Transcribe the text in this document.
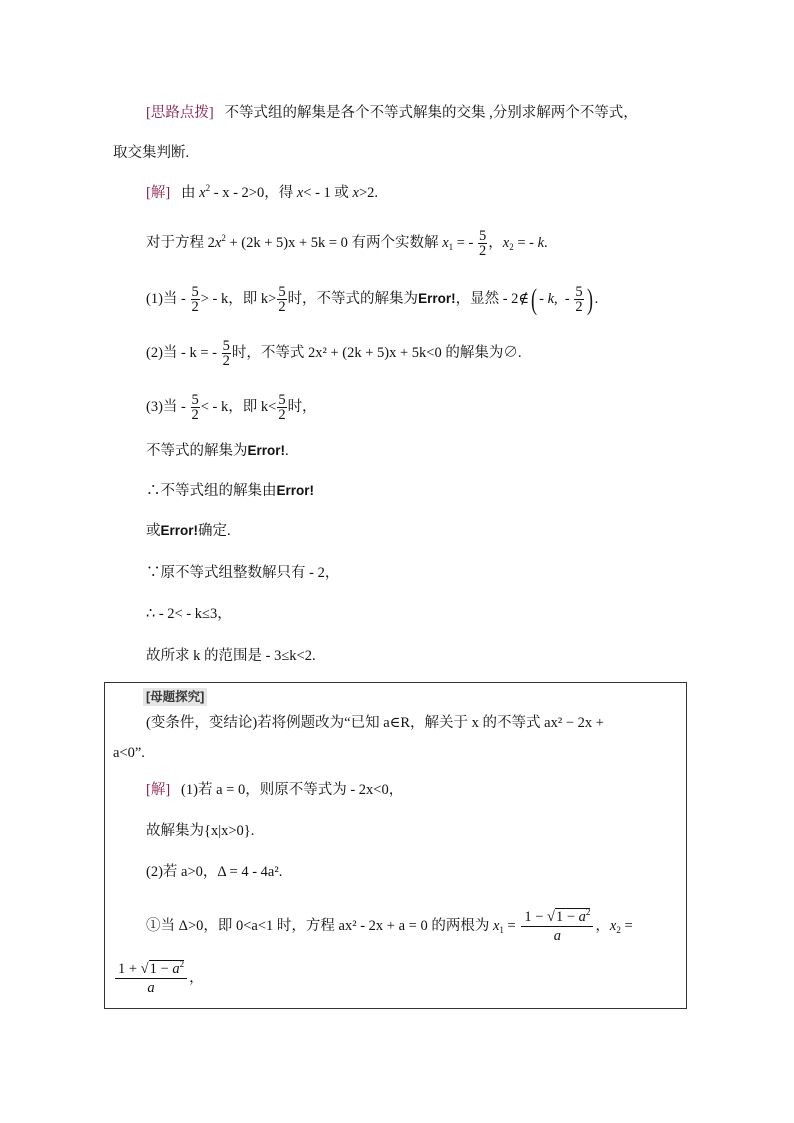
[思路点拨] 不等式组的解集是各个不等式解集的交集 ,分别求解两个不等式，
取交集判断.
[解] 由 $x^2 - x - 2>0$，得 x< - 1 或 x>2.
对于方程 $2x^2 + (2k + 5)x + 5k = 0$ 有两个实数解 $x_1$ = - $\frac{5}{2}$ ，$x_2$ = - k.
(1)当 - $\frac{5}{2}$ > - k，即 $k> \frac{5}{2}$ 时，不等式的解集为Error!，显然 - 2∉( - k,  - $\frac{5}{2}$ ) .
(2)当 - k = - $\frac{5}{2}$ 时，不等式 2x² + (2k + 5)x + 5k<0 的解集为∅.
(3)当 - $\frac{5}{2}$ < - k，即 $k< \frac{5}{2}$ 时，
不等式的解集为Error!.
∴不等式组的解集由Error!
或Error!确定.
∵原不等式组整数解只有 - 2，
∴ - 2< - k≤3，
故所求 k 的范围是 - 3≤k<2.
[母题探究]
(变条件，变结论)若将例题改为“已知 a∈R，解关于 x 的不等式 ax² − 2x +
a<0”.
[解] (1)若 a = 0，则原不等式为 - 2x<0，
故解集为{x|x>0}.
(2)若 a>0，Δ = 4 - 4a².
①当 Δ>0，即 0<a<1 时，方程 ax² - 2x + a = 0 的两根为 $x_1 = \frac{1 - √1 - a^2}{a}$ ，$x_2$ =
$\frac{1 + √1 - a^2}{a}$ ，
